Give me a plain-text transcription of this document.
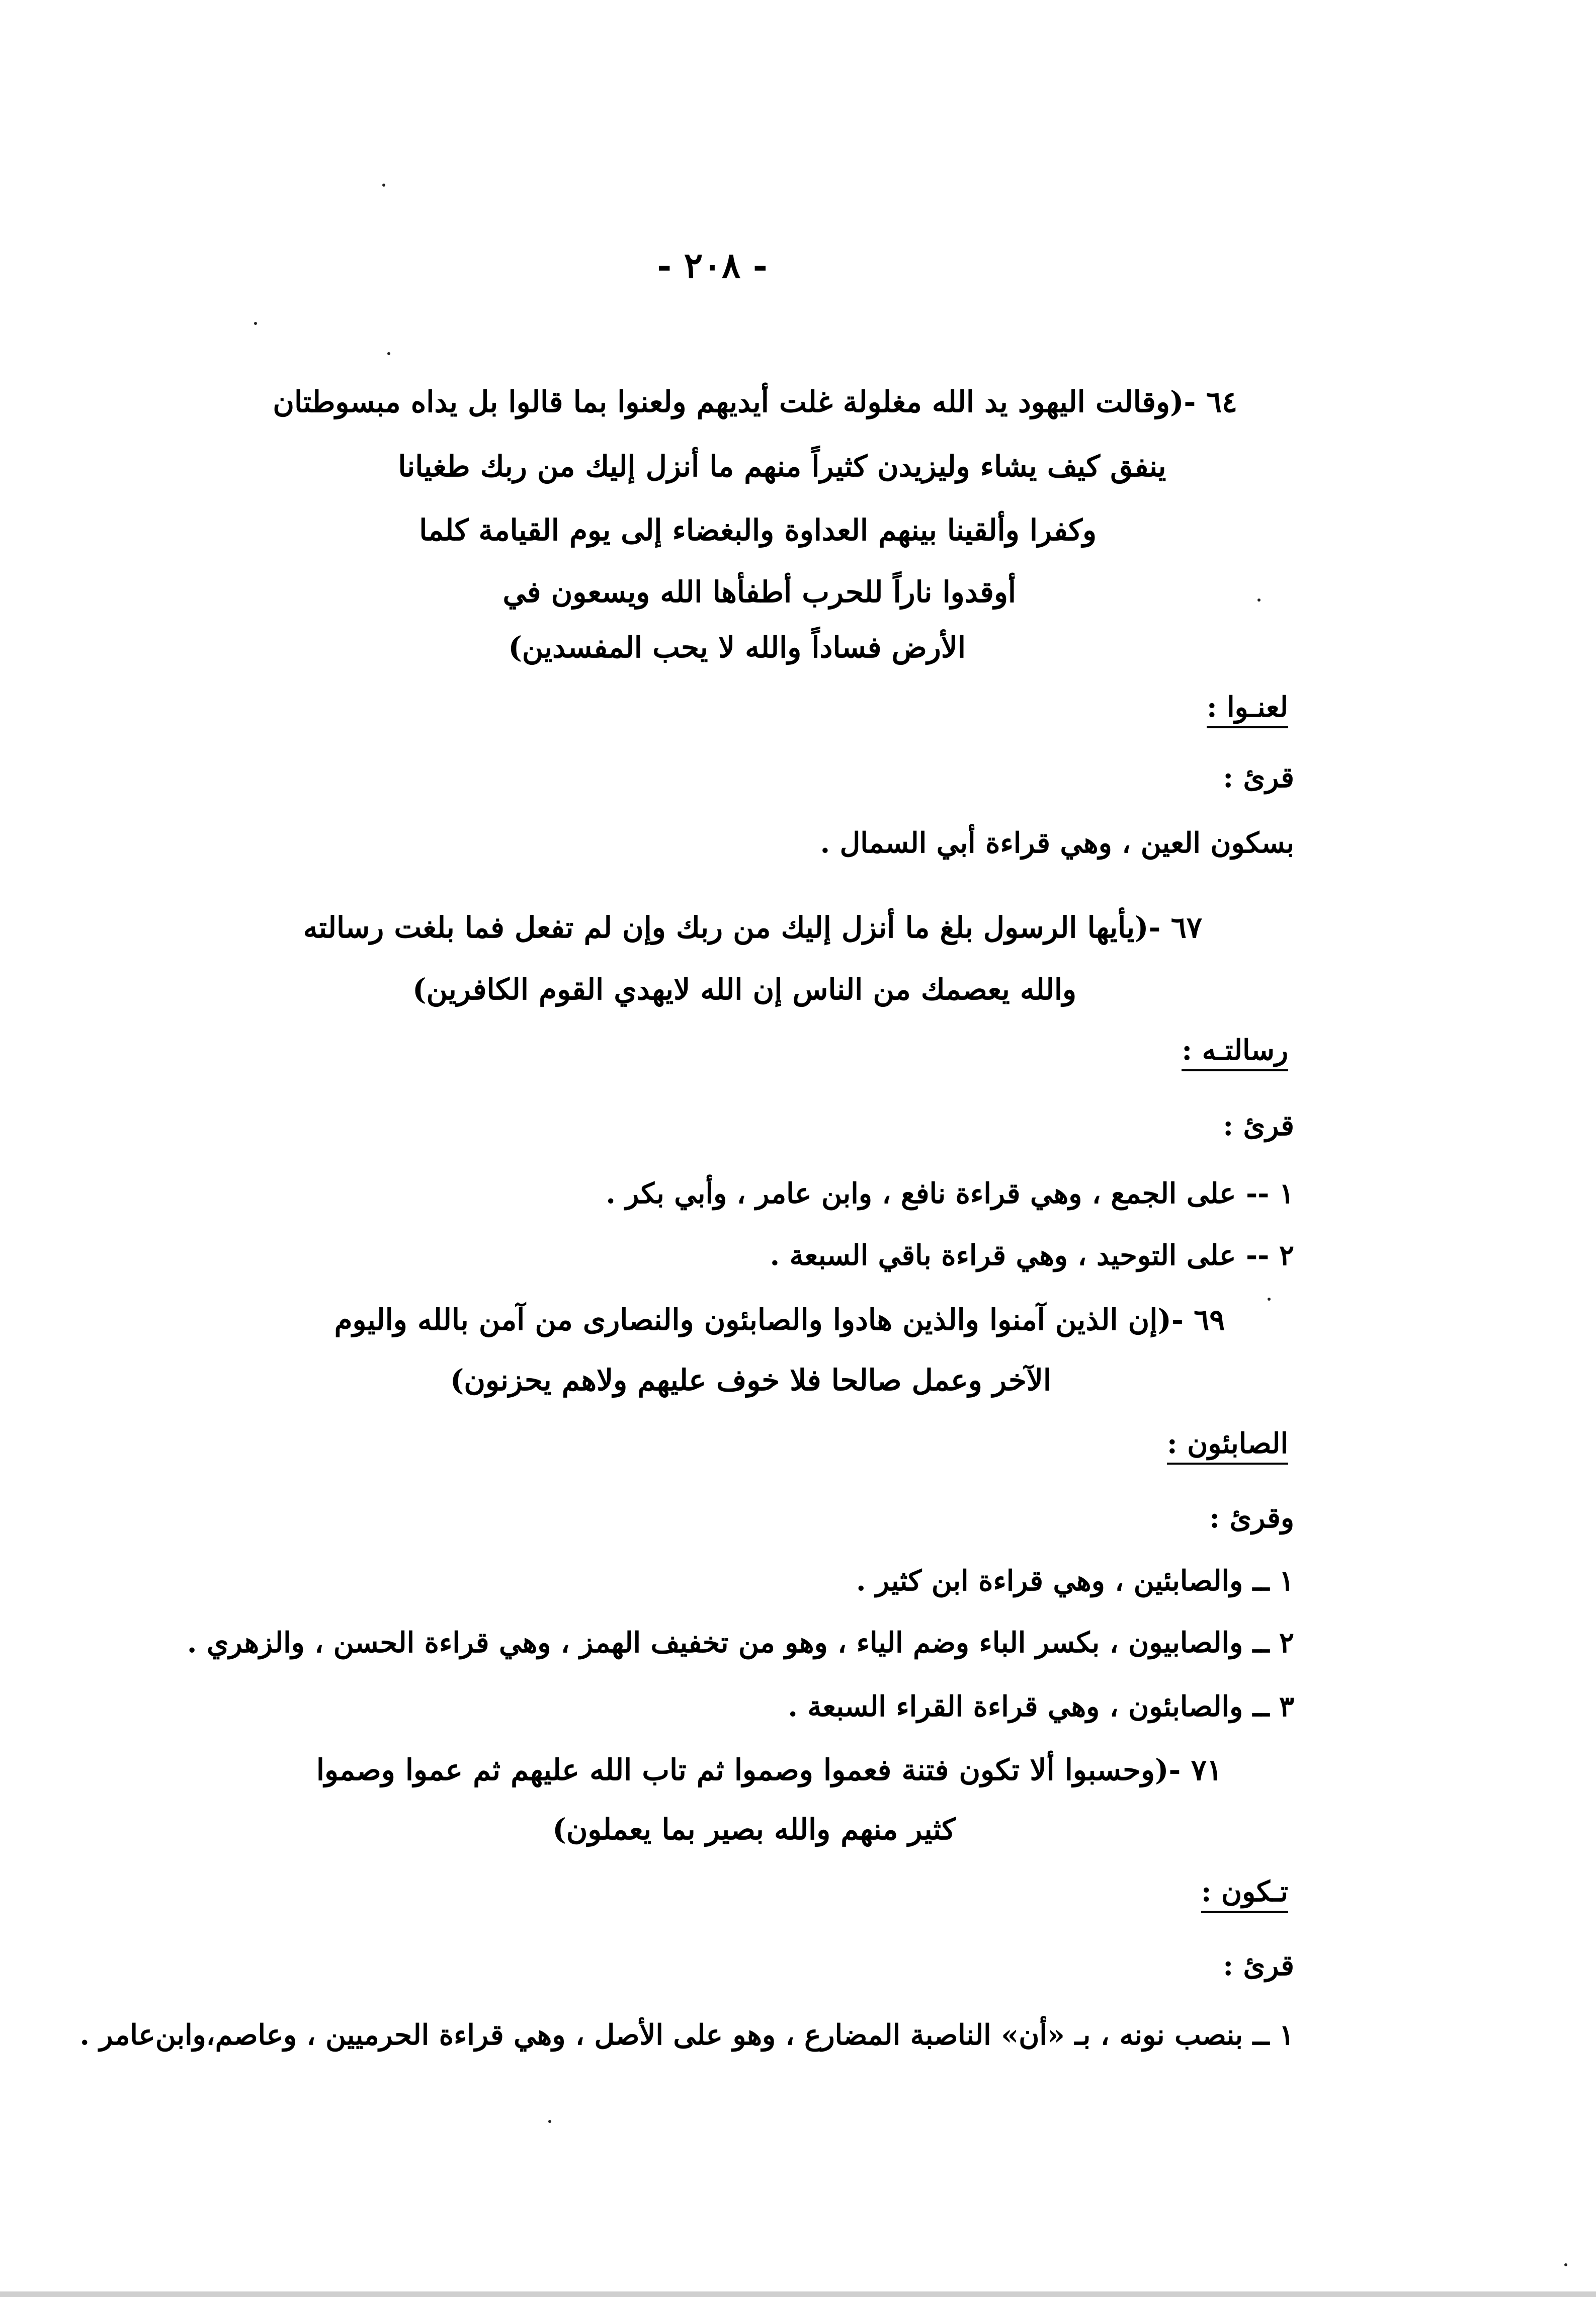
- ٢٠٨ -
٦٤ -(وقالت اليهود يد الله مغلولة غلت أيديهم ولعنوا بما قالوا بل يداه مبسوطتان
ينفق كيف يشاء وليزيدن كثيراً منهم ما أنزل إليك من ربك طغيانا
وكفرا وألقينا بينهم العداوة والبغضاء إلى يوم القيامة كلما
أوقدوا ناراً للحرب أطفأها الله ويسعون في
الأرض فساداً والله لا يحب المفسدين)
لعنـوا :
قرئ :
بسكون العين ، وهي قراءة أبي السمال .
٦٧ -(يأيها الرسول بلغ ما أنزل إليك من ربك وإن لم تفعل فما بلغت رسالته
والله يعصمك من الناس إن الله لايهدي القوم الكافرين)
رسالتـه :
قرئ :
١ -- على الجمع ، وهي قراءة نافع ، وابن عامر ، وأبي بكر .
٢ -- على التوحيد ، وهي قراءة باقي السبعة .
٦٩ -(إن الذين آمنوا والذين هادوا والصابئون والنصارى من آمن بالله واليوم
الآخر وعمل صالحا فلا خوف عليهم ولاهم يحزنون)
الصابئون :
وقرئ :
١ ــ والصابئين ، وهي قراءة ابن كثير .
٢ ــ والصابيون ، بكسر الباء وضم الياء ، وهو من تخفيف الهمز ، وهي قراءة الحسن ، والزهري .
٣ ــ والصابئون ، وهي قراءة القراء السبعة .
٧١ -(وحسبوا ألا تكون فتنة فعموا وصموا ثم تاب الله عليهم ثم عموا وصموا
كثير منهم والله بصير بما يعملون)
تـكون :
قرئ :
١ ــ بنصب نونه ، بـ «أن» الناصبة المضارع ، وهو على الأصل ، وهي قراءة الحرميين ، وعاصم،وابن‌عامر .
